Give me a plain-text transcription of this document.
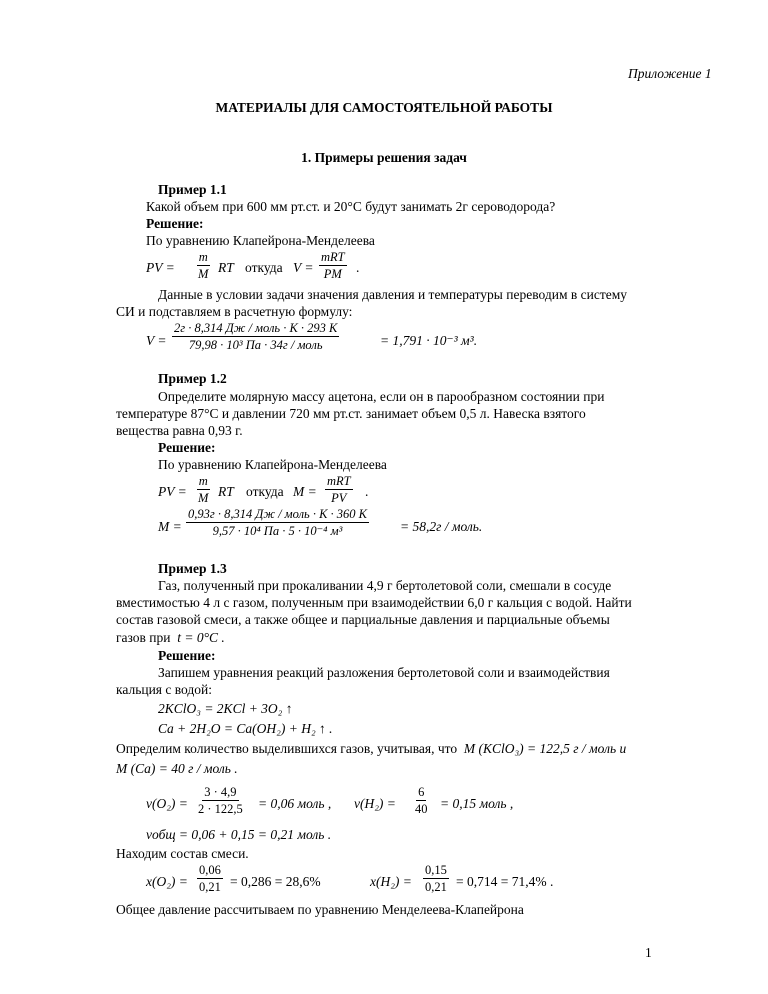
Приложение 1
МАТЕРИАЛЫ ДЛЯ САМОСТОЯТЕЛЬНОЙ РАБОТЫ
1. Примеры решения задач
Пример 1.1
Какой объем при 600 мм рт.ст. и 20°С будут занимать 2г сероводорода?
Решение:
По уравнению Клапейрона-Менделеева
PV = $\frac{m}{M}$ RT откуда V =
mRT
PM .
Данные в условии задачи значения давления и температуры переводим в систему
СИ и подставляем в расчетную формулу:
V =
2г · 8,314 Дж / моль · К · 293 К
79,98 · 10³ Па · 34г / моль	= 1,791 · 10⁻³ м³.
Пример 1.2
Определите молярную массу ацетона, если он в парообразном состоянии при
температуре 87°С и давлении 720 мм рт.ст. занимает объем 0,5 л. Навеска взятого
вещества равна 0,93 г.
Решение:
По уравнению Клапейрона-Менделеева
PV = $\frac{m}{M}$ RT откуда M =
mRT
PV .
M =
0,93г · 8,314 Дж / моль · К · 360 К
9,57 · 10⁴ Па · 5 · 10⁻⁴ м³	= 58,2г / моль.
Пример 1.3
Газ, полученный при прокаливании 4,9 г бертолетовой соли, смешали в сосуде
вместимостью 4 л с газом, полученным при взаимодействии 6,0 г кальция с водой. Найти
состав газовой смеси, а также общее и парциальные давления и парциальные объемы
газов при t = 0°C .
Решение:
Запишем уравнения реакций разложения бертолетовой соли и взаимодействия
кальция с водой:
2KClO₃ = 2KCl + 3O₂ ↑
Ca + 2H₂O = Ca(OH₂) + H₂ ↑ .
Определим количество выделившихся газов, учитывая, что M (KClO₃) = 122,5 г / моль и
M (Ca) = 40 г / моль .
$\nu(O_2) = \frac{3 \cdot 4,9}{2 \cdot 122,5} = 0,06$ моль , $\nu(H_2) = \frac{6}{40} = 0,15$ моль ,
νобщ = 0,06 + 0,15 = 0,21 моль .
Находим состав смеси.
$x(O_2) = \frac{0,06}{0,21} = 0,286 = 28,6\%$	$x(H_2) = \frac{0,15}{0,21} = 0,714 = 71,4\%$ .
Общее давление рассчитываем по уравнению Менделеева-Клапейрона
1
